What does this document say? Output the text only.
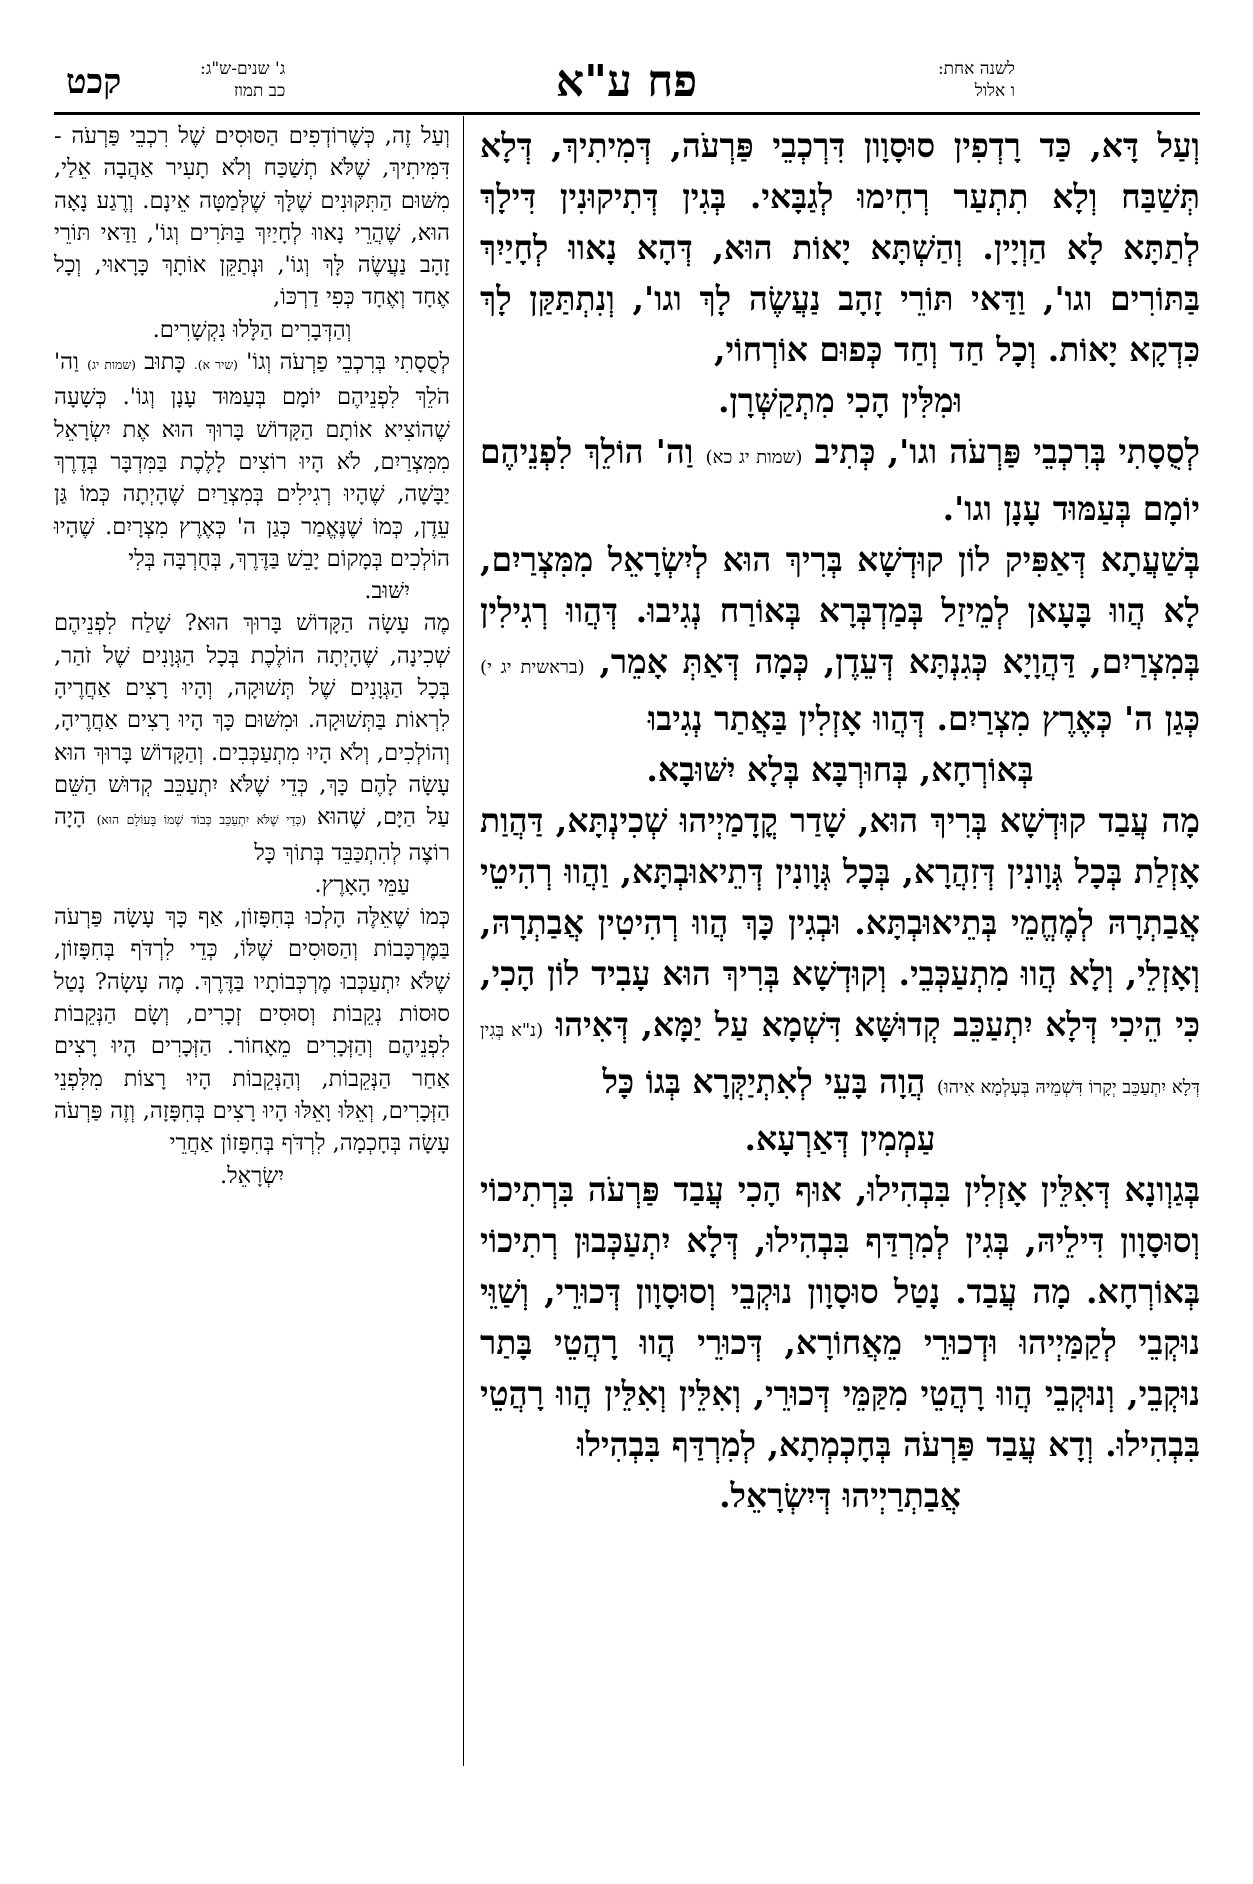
לשנה אחת:
ו אלול
פח ע"א
ג' שנים-ש"ג:
כב תמוז
קכט

וְעַל דָּא, כַּד רָדְפִין סוּסָוָון דִּרְכְבֵי פַּרְעֹה, דְּמִיתִיךְ, דְּלָא תְּשַׁבַּח וְלָא תִתְעַר רְחִימוּ לְגַבָּאי. בְּגִין דְּתִיקוּנִין דִּילָךְ לְתַתָּא לָא הַוְיָין. וְהַשְׁתָּא יָאוֹת הוּא, דְּהָא נָאווּ לְחָיַיִךְ בַּתּוֹרִים וגו', וַדַּאי תּוֹרֵי זָהָב נַעֲשֶׂה לָךְ וגו', וְנִתְתַּקַּן לָךְ כִּדְקָא יָאוֹת. וְכָל חַד וְחַד כְּפוּם אוֹרְחוֹי,

וּמִלִּין הָכִי מִתְקַשְּׁרָן.

לְסֻסָתִי בְּרִכְבֵי פַּרְעֹה וגו', כְּתִיב (שמות יג כא) וַה' הוֹלֵךְ לִפְנֵיהֶם יוֹמָם בְּעַמּוּד עָנָן וגו'.

בְּשַׁעֲתָא דְּאַפִּיק לוֹן קוּדְשָׁא בְּרִיךְ הוּא לְיִשְׂרָאֵל מִמִּצְרַיִם, לָא הֲווּ בָּעָאן לְמֵיזַל בְּמַדְבְּרָא בְּאוֹרַח נְגִיבוּ. דְּהֲווּ רְגִילִין בְּמִצְרַיִם, דַּהֲוָיָא כְּגִנְתָּא דְּעֵדֶן, כְּמָה דְּאַתְּ אָמֵר, (בראשית יג י) כְּגַן ה' כְּאֶרֶץ מִצְרַיִם. דְּהֲווּ אָזְלִין בַּאֲתַר נְגִיבוּ

בְּאוֹרְחָא, בְּחוּרְבָּא בְּלָא יִשּׁוּבָא.

מָה עֲבַד קוּדְשָׁא בְּרִיךְ הוּא, שָׁדַר קֳדָמַיְיהוּ שְׁכִינְתָּא, דַּהֲוַת אָזְלַת בְּכָל גְּוָונִין דְּזִהֲרָא, בְּכָל גְּוָונִין דְּתֵיאוּבְתָּא, וַהֲווּ רְהִיטֵי אֲבַתְרָהּ לְמֶחֱמֵי בְּתֵיאוּבְתָּא. וּבְגִין כָּךְ הֲווּ רְהִיטִין אֲבַתְרָהּ, וְאָזְלֵי, וְלָא הֲווּ מִתְעַכְּבֵי. וְקוּדְשָׁא בְּרִיךְ הוּא עָבִיד לוֹן הָכִי, כִּי הֵיכִי דְּלָא יִתְעַכֵּב קְדוּשָּׁא דִּשְׁמָא עַל יַמָּא, דְּאִיהוּ (נ"א בְּגִין דְּלָא יִתְעַכֵּב יְקָרוֹ דִּשְׁמֵיהּ בְּעָלְמָא אִיהוּ) הֲוָה בָּעֵי לְאִתְיַקְּרָא בְּגוֹ כָּל

עַמְמִין דְּאַרְעָא.

בְּגַוְונָא דְּאִלֵּין אָזְלִין בִּבְהִילוּ, אוּף הָכִי עֲבַד פַּרְעֹה בִּרְתִיכוֹי וְסוּסָוָון דִּילֵיהּ, בְּגִין לְמִרְדַּף בִּבְהִילוּ, דְּלָא יִתְעַכְּבוּן רְתִיכוֹי בְּאוֹרְחָא. מָה עֲבַד. נָטַל סוּסָוָון נוּקְבֵי וְסוּסָוָון דְּכוּרֵי, וְשַׁוֵּי נוּקְבֵי לְקַמַּיְיהוּ וּדְכוּרֵי מֵאֲחוֹרָא, דְּכוּרֵי הֲווּ רָהֲטֵי בָּתַר נוּקְבֵי, וְנוּקְבֵי הֲווּ רָהֲטֵי מִקַּמֵּי דְּכוּרֵי, וְאִלֵּין וְאִלֵּין הֲווּ רָהֲטֵי בִּבְהִילוּ. וְדָא עֲבַד פַּרְעֹה בְּחָכְמְתָא, לְמִרְדַּף בִּבְהִילוּ

אֲבַתְרַיְיהוּ דְּיִשְׂרָאֵל.

וְעַל זֶה, כְּשֶׁרוֹדְפִים הַסּוּסִים שֶׁל רִכְבֵי פַּרְעֹה - דִּמִּיתִיךְ, שֶׁלֹּא תְשַׁכַּח וְלֹא תָעִיר אַהֲבָה אֵלַי, מִשּׁוּם הַתִּקּוּנִים שֶׁלָּךְ שֶׁלְּמַטָּה אֵינָם. וְרֶגַע נָאָה הוּא, שֶׁהֲרֵי נָאווּ לְחָיַיִךְ בַּתֹּרִים וְגוֹ', וַדַּאי תּוֹרֵי זָהָב נַעֲשֶׂה לָּךְ וְגוֹ', וּנְתַקֵּן אוֹתָךְ כָּרָאוּי, וְכָל אֶחָד וְאֶחָד כְּפִי דַרְכּוֹ,

וְהַדְּבָרִים הַלָּלוּ נִקְשָׁרִים.

לְסֻסָתִי בְּרִכְבֵי פַרְעֹה וְגוֹ' (שיר א). כָּתוּב (שמות יג) וַה' הֹלֵךְ לִפְנֵיהֶם יוֹמָם בְּעַמּוּד עָנָן וְגוֹ'. כְּשָׁעָה שֶׁהוֹצִיא אוֹתָם הַקָּדוֹשׁ בָּרוּךְ הוּא אֶת יִשְׂרָאֵל מִמִּצְרַיִם, לֹא הָיוּ רוֹצִים לָלֶכֶת בַּמִּדְבָּר בְּדֶרֶךְ יַבָּשָׁה, שֶׁהָיוּ רְגִילִים בְּמִצְרַיִם שֶׁהָיְתָה כְּמוֹ גַּן עֵדֶן, כְּמוֹ שֶׁנֶּאֱמַר כְּגַן ה' כְּאֶרֶץ מִצְרָיִם. שֶׁהָיוּ הוֹלְכִים בְּמָקוֹם יָבֵשׁ בַּדֶּרֶךְ, בְּחֻרְבָּה בְּלִי

יִשּׁוּב.

מֶה עָשָׂה הַקָּדוֹשׁ בָּרוּךְ הוּא? שָׁלַח לִפְנֵיהֶם שְׁכִינָה, שֶׁהָיְתָה הוֹלֶכֶת בְּכָל הַגְּוָנִים שֶׁל זֹהַר, בְּכָל הַגְּוָנִים שֶׁל תְּשׁוּקָה, וְהָיוּ רָצִים אַחֲרֶיהָ לִרְאוֹת בַּתְּשׁוּקָה. וּמִשּׁוּם כָּךְ הָיוּ רָצִים אַחֲרֶיהָ, וְהוֹלְכִים, וְלֹא הָיוּ מִתְעַכְּבִים. וְהַקָּדוֹשׁ בָּרוּךְ הוּא עָשָׂה לָהֶם כָּךְ, כְּדֵי שֶׁלֹּא יִתְעַכֵּב קְדוּשׁ הַשֵּׁם עַל הַיָּם, שֶׁהוּא (כְּדֵי שֶׁלֹּא יִתְעַכֵּב כְּבוֹד שְׁמוֹ בָּעוֹלָם הוּא) הָיָה רוֹצֶה לְהִתְכַּבֵּד בְּתוֹךְ כָּל

עַמֵּי הָאָרֶץ.

כְּמוֹ שֶׁאֵלֶּה הָלְכוּ בְּחִפָּזוֹן, אַף כָּךְ עָשָׂה פַּרְעֹה בַּמֶּרְכָּבוֹת וְהַסּוּסִים שֶׁלּוֹ, כְּדֵי לִרְדֹּף בְּחִפָּזוֹן, שֶׁלֹּא יִתְעַכְּבוּ מֶרְכְּבוֹתָיו בַּדֶּרֶךְ. מֶה עָשָׂה? נָטַל סוּסוֹת נְקֵבוֹת וְסוּסִים זְכָרִים, וְשָׂם הַנְּקֵבוֹת לִפְנֵיהֶם וְהַזְּכָרִים מֵאָחוֹר. הַזְּכָרִים הָיוּ רָצִים אַחַר הַנְּקֵבוֹת, וְהַנְּקֵבוֹת הָיוּ רָצוֹת מִלִּפְנֵי הַזְּכָרִים, וְאֵלּוּ וָאֵלּוּ הָיוּ רָצִים בְּחִפָּזָה, וְזֶה פַּרְעֹה עָשָׂה בְּחָכְמָה, לִרְדֹּף בְּחִפָּזוֹן אַחֲרֵי

יִשְׂרָאֵל.
